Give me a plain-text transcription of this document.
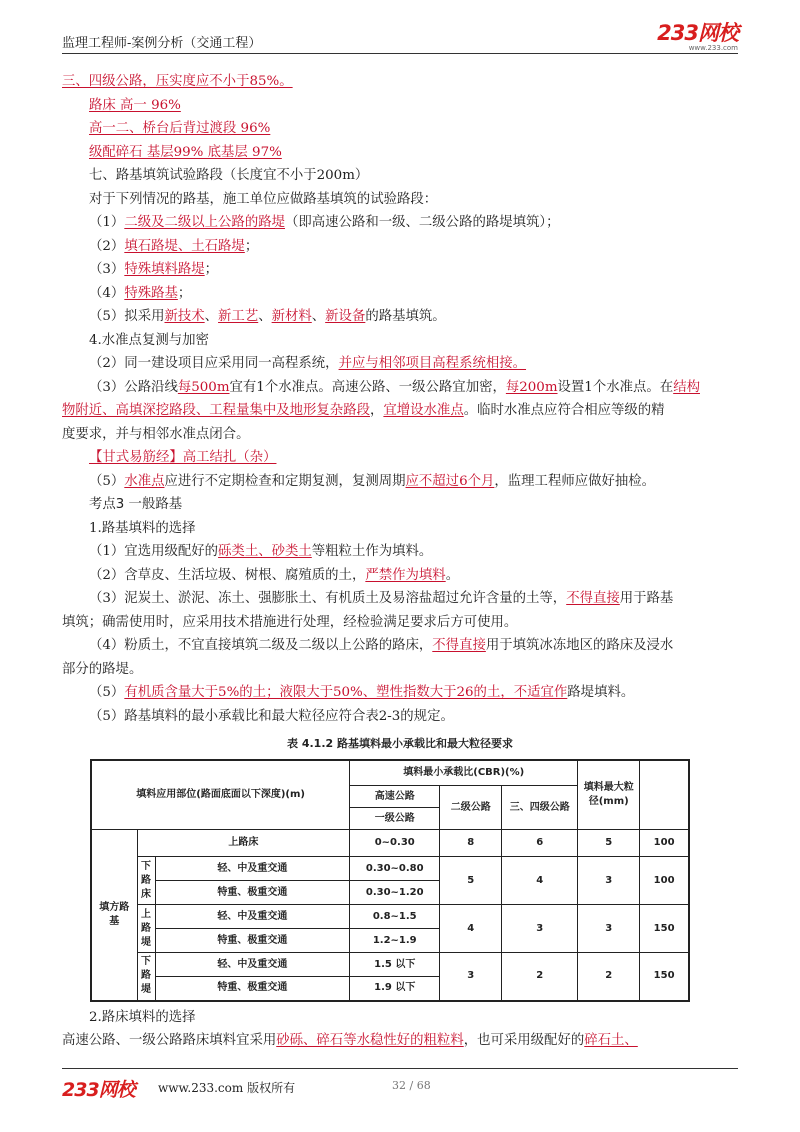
监理工程师-案例分析（交通工程）	233网校
www.233.com

三、四级公路，压实度应不小于85%。

路床 高一 96%

高一二、桥台后背过渡段 96%

级配碎石 基层99% 底基层 97%

七、路基填筑试验路段（长度宜不小于200m）

对于下列情况的路基，施工单位应做路基填筑的试验路段：

（1）二级及二级以上公路的路堤（即高速公路和一级、二级公路的路堤填筑）；

（2）填石路堤、土石路堤；

（3）特殊填料路堤；

（4）特殊路基；

（5）拟采用新技术、新工艺、新材料、新设备的路基填筑。

4.水准点复测与加密

（2）同一建设项目应采用同一高程系统，并应与相邻项目高程系统相接。

（3）公路沿线每500m宜有1个水准点。高速公路、一级公路宜加密，每200m设置1个水准点。在结构

物附近、高填深挖路段、工程量集中及地形复杂路段，宜增设水准点。临时水准点应符合相应等级的精

度要求，并与相邻水准点闭合。

【甘式易筋经】高工结扎（杂）

（5）水准点应进行不定期检查和定期复测，复测周期应不超过6个月，监理工程师应做好抽检。

考点3 一般路基

1.路基填料的选择

（1）宜选用级配好的砾类土、砂类土等粗粒土作为填料。

（2）含草皮、生活垃圾、树根、腐殖质的土，严禁作为填料。

（3）泥炭土、淤泥、冻土、强膨胀土、有机质土及易溶盐超过允许含量的土等，不得直接用于路基

填筑；确需使用时，应采用技术措施进行处理，经检验满足要求后方可使用。

（4）粉质土，不宜直接填筑二级及二级以上公路的路床，不得直接用于填筑冰冻地区的路床及浸水

部分的路堤。

（5）有机质含量大于5%的土；液限大于50%、塑性指数大于26的土，不适宜作路堤填料。

（5）路基填料的最小承载比和最大粒径应符合表2-3的规定。

表 4.1.2 路基填料最小承载比和最大粒径要求
填料应用部位(路面底面以下深度)(m)			填料最小承载比(CBR)(%)			填料最大粒径(mm)	
			高速公路	二级公路	三、四级公路		
			一级公路				
填方路基	上路床		0~0.30	8	6	5	100
	下路床	轻、中及重交通	0.30~0.80	5	4	3	100
		特重、极重交通	0.30~1.20				
	上路堤	轻、中及重交通	0.8~1.5	4	3	3	150
		特重、极重交通	1.2~1.9				
	下路堤	轻、中及重交通	1.5 以下	3	2	2	150
		特重、极重交通	1.9 以下				

2.路床填料的选择

高速公路、一级公路路床填料宜采用砂砾、碎石等水稳性好的粗粒料，也可采用级配好的碎石土、

233网校 www.233.com 版权所有	32 / 68
